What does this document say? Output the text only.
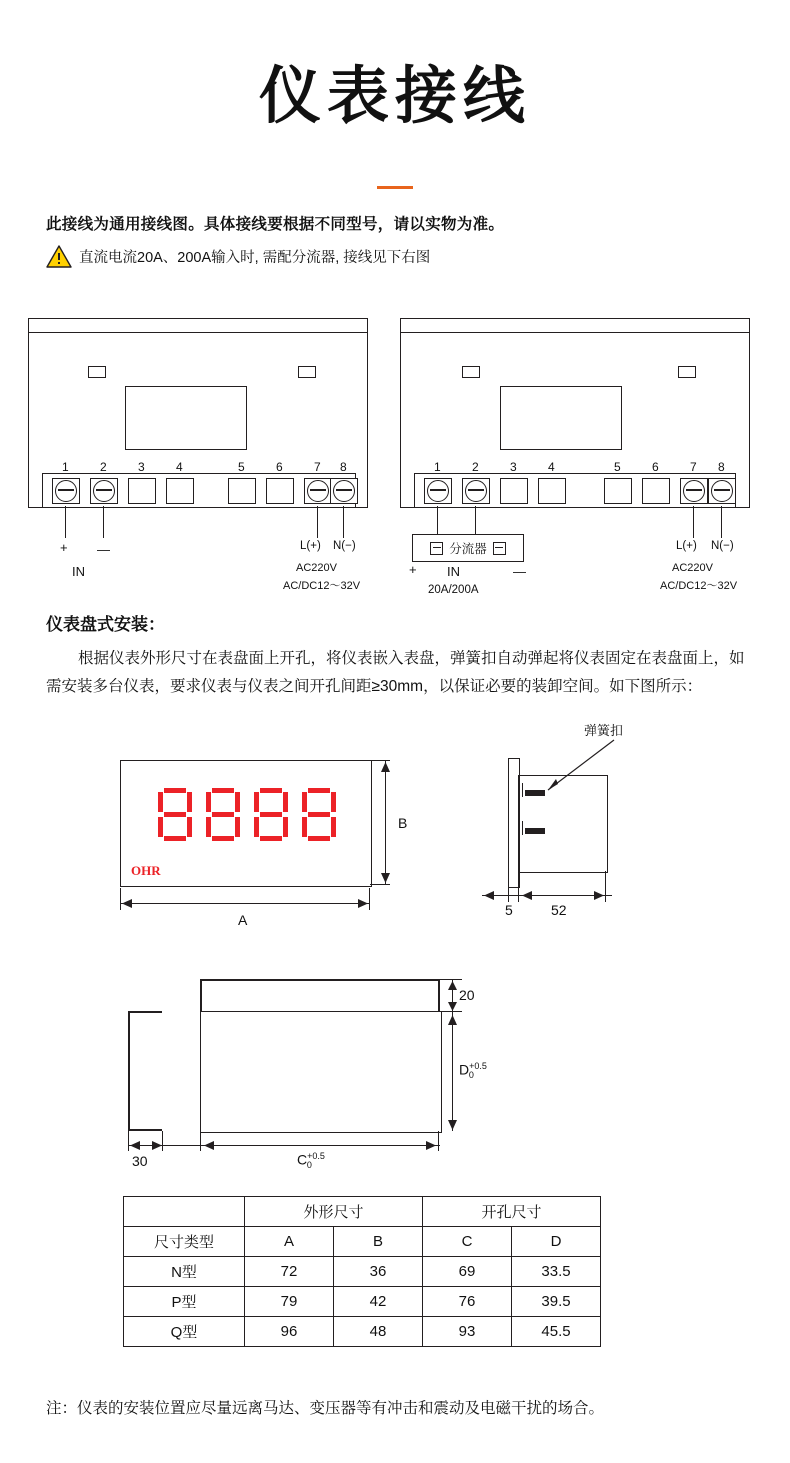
仪表接线
此接线为通用接线图。具体接线要根据不同型号，请以实物为准。
直流电流20A、200A输入时, 需配分流器, 接线见下右图
1	2	3	4	5	6	7 8
+ —
IN
L(+) N(−)
AC220V
AC/DC12～32V
1	2	3	4	5	6	7 8
分流器
+	—
IN
20A/200A
L(+) N(−)
AC220V
AC/DC12～32V
仪表盘式安装：
根据仪表外形尺寸在表盘面上开孔，将仪表嵌入表盘，弹簧扣自动弹起将仪表固定在表盘面上，如需安装多台仪表，要求仪表与仪表之间开孔间距≥30mm，以保证必要的装卸空间。如下图所示：
OHR
B
A
弹簧扣
5	52
20
$D^{+0.5}_0$
30	$C^{+0.5}_0$
	外形尺寸		开孔尺寸	
尺寸类型	A	B	C	D
N型	72	36	69	33.5
P型	79	42	76	39.5
Q型	96	48	93	45.5
注：仪表的安装位置应尽量远离马达、变压器等有冲击和震动及电磁干扰的场合。
